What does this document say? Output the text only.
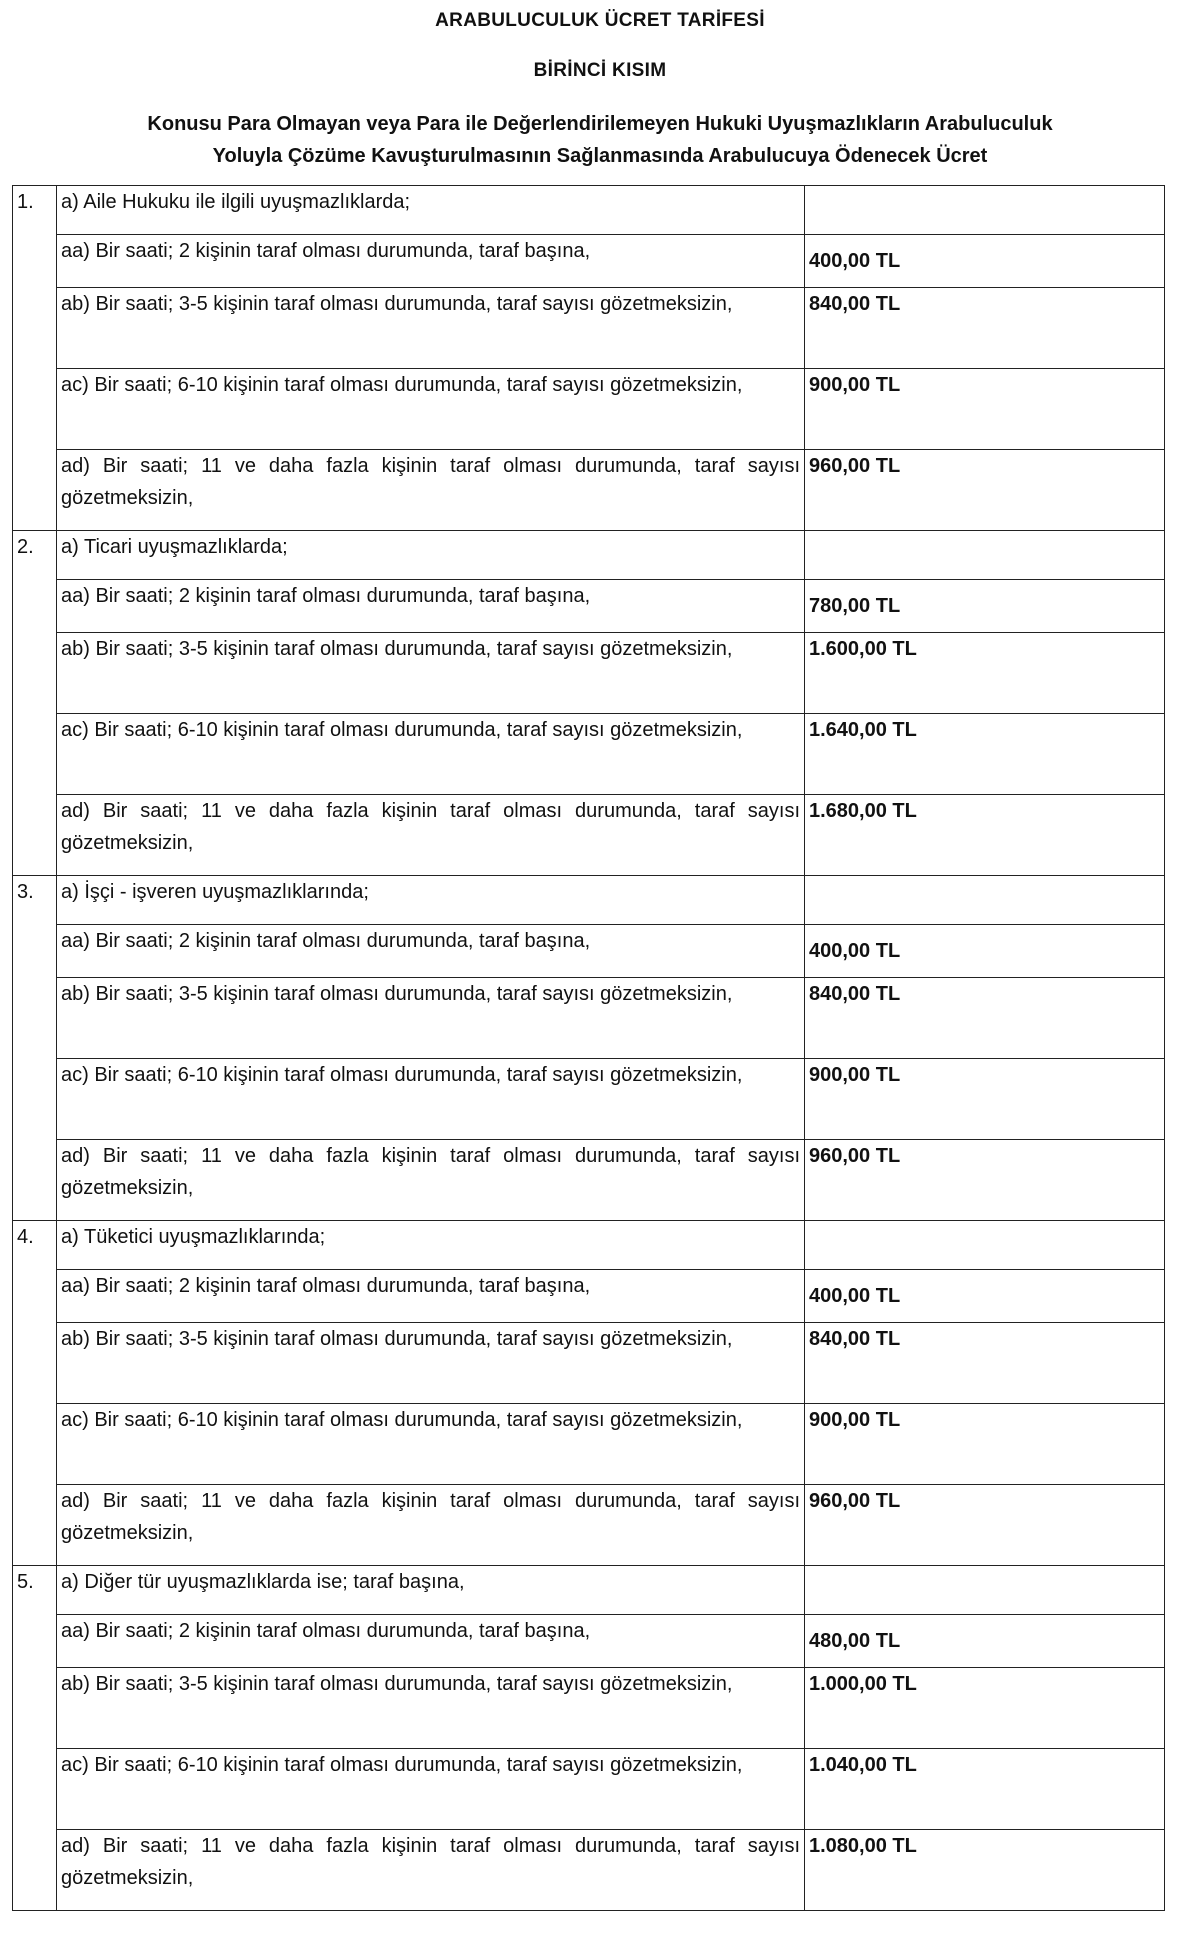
ARABULUCULUK ÜCRET TARİFESİ
BİRİNCİ KISIM
Konusu Para Olmayan veya Para ile Değerlendirilemeyen Hukuki Uyuşmazlıkların Arabuluculuk
Yoluyla Çözüme Kavuşturulmasının Sağlanmasında Arabulucuya Ödenecek Ücret
1.	a) Aile Hukuku ile ilgili uyuşmazlıklarda;	
	aa) Bir saati; 2 kişinin taraf olması durumunda, taraf başına,	400,00 TL
	ab) Bir saati; 3-5 kişinin taraf olması durumunda, taraf sayısı gözetmeksizin,	840,00 TL
	ac) Bir saati; 6-10 kişinin taraf olması durumunda, taraf sayısı gözetmeksizin,	900,00 TL
	ad) Bir saati; 11 ve daha fazla kişinin taraf olması durumunda, taraf sayısı gözetmeksizin,	960,00 TL
2.	a) Ticari uyuşmazlıklarda;	
	aa) Bir saati; 2 kişinin taraf olması durumunda, taraf başına,	780,00 TL
	ab) Bir saati; 3-5 kişinin taraf olması durumunda, taraf sayısı gözetmeksizin,	1.600,00 TL
	ac) Bir saati; 6-10 kişinin taraf olması durumunda, taraf sayısı gözetmeksizin,	1.640,00 TL
	ad) Bir saati; 11 ve daha fazla kişinin taraf olması durumunda, taraf sayısı gözetmeksizin,	1.680,00 TL
3.	a) İşçi - işveren uyuşmazlıklarında;	
	aa) Bir saati; 2 kişinin taraf olması durumunda, taraf başına,	400,00 TL
	ab) Bir saati; 3-5 kişinin taraf olması durumunda, taraf sayısı gözetmeksizin,	840,00 TL
	ac) Bir saati; 6-10 kişinin taraf olması durumunda, taraf sayısı gözetmeksizin,	900,00 TL
	ad) Bir saati; 11 ve daha fazla kişinin taraf olması durumunda, taraf sayısı gözetmeksizin,	960,00 TL
4.	a) Tüketici uyuşmazlıklarında;	
	aa) Bir saati; 2 kişinin taraf olması durumunda, taraf başına,	400,00 TL
	ab) Bir saati; 3-5 kişinin taraf olması durumunda, taraf sayısı gözetmeksizin,	840,00 TL
	ac) Bir saati; 6-10 kişinin taraf olması durumunda, taraf sayısı gözetmeksizin,	900,00 TL
	ad) Bir saati; 11 ve daha fazla kişinin taraf olması durumunda, taraf sayısı gözetmeksizin,	960,00 TL
5.	a) Diğer tür uyuşmazlıklarda ise; taraf başına,	
	aa) Bir saati; 2 kişinin taraf olması durumunda, taraf başına,	480,00 TL
	ab) Bir saati; 3-5 kişinin taraf olması durumunda, taraf sayısı gözetmeksizin,	1.000,00 TL
	ac) Bir saati; 6-10 kişinin taraf olması durumunda, taraf sayısı gözetmeksizin,	1.040,00 TL
	ad) Bir saati; 11 ve daha fazla kişinin taraf olması durumunda, taraf sayısı gözetmeksizin,	1.080,00 TL
